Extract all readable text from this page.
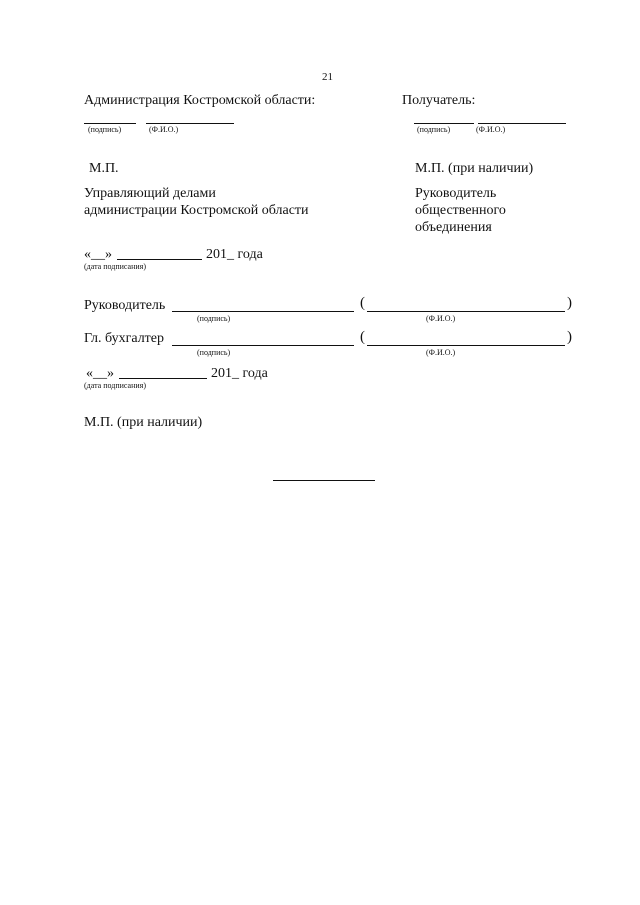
21
Администрация Костромской области:
(подпись)	(Ф.И.О.)
Получатель:
(подпись)	(Ф.И.О.)
М.П.	М.П. (при наличии)
Управляющий делами
администрации Костромской области
Руководитель
общественного
объединения
«__»	201_ года
(дата подписания)
Руководитель	(	)
(подпись)	(Ф.И.О.)
Гл. бухгалтер	(	)
(подпись)	(Ф.И.О.)
«__»	201_ года
(дата подписания)
М.П. (при наличии)
